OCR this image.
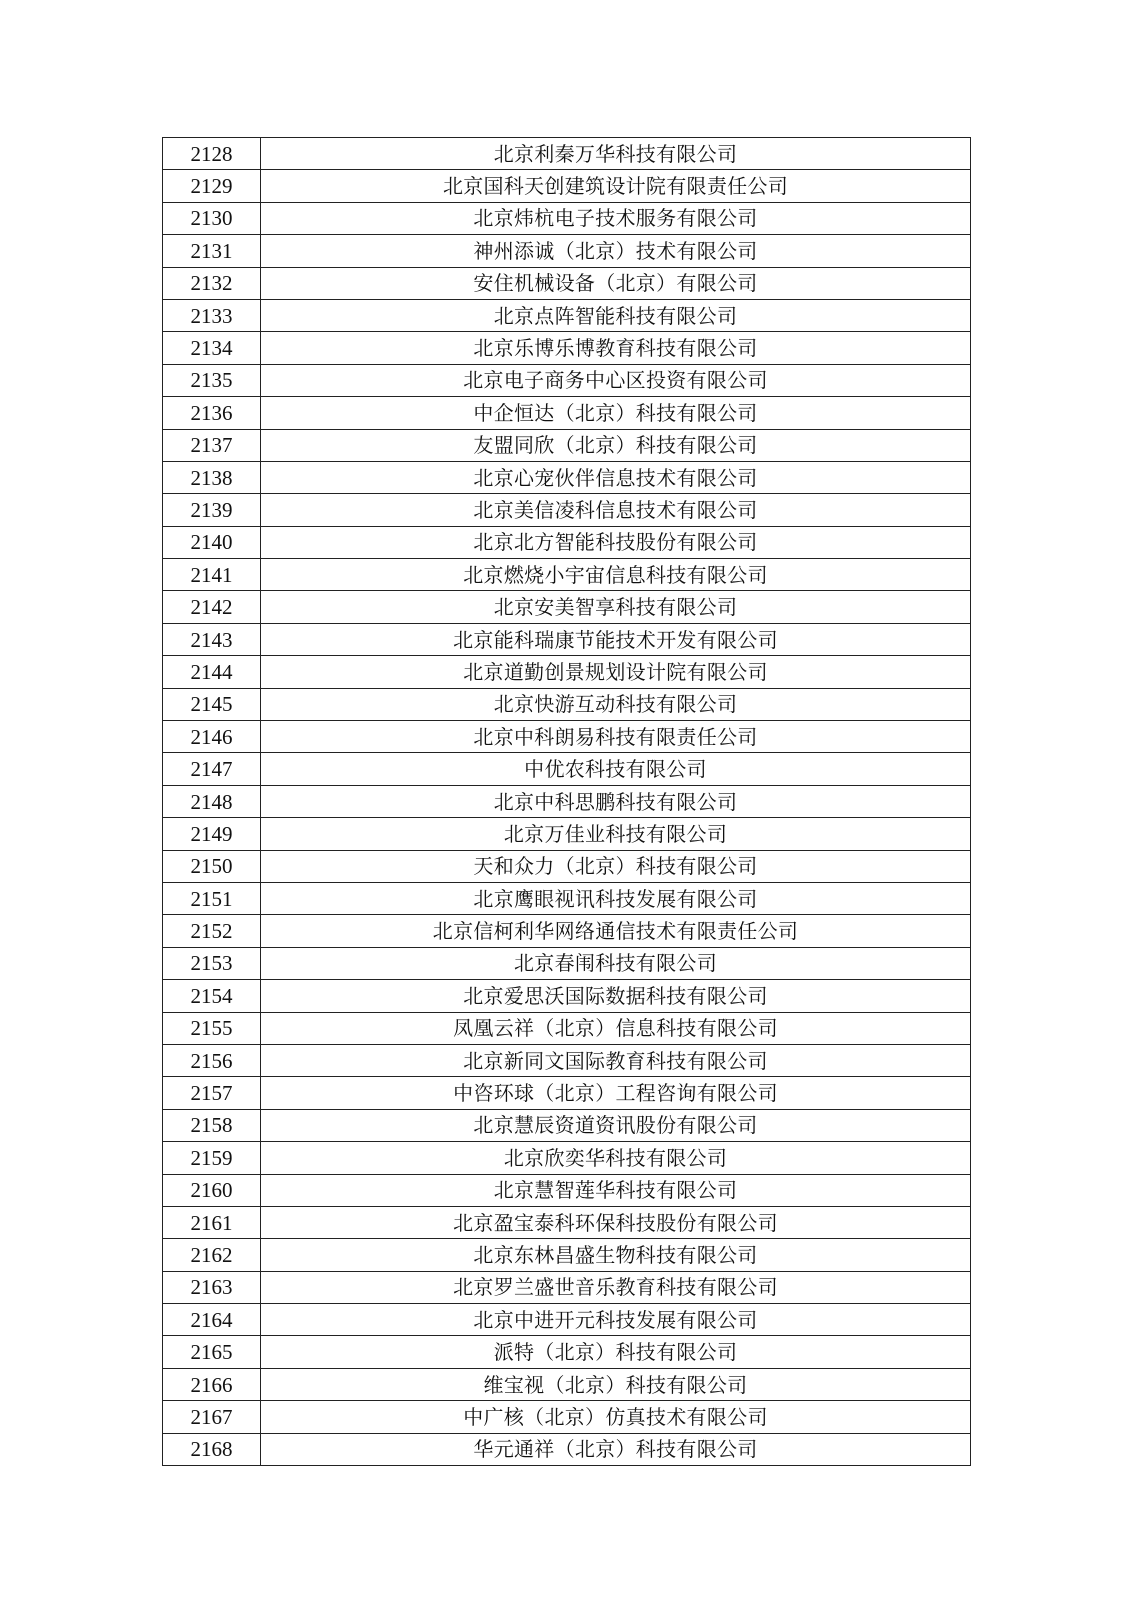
2128	北京利秦万华科技有限公司
2129	北京国科天创建筑设计院有限责任公司
2130	北京炜杭电子技术服务有限公司
2131	神州添诚（北京）技术有限公司
2132	安住机械设备（北京）有限公司
2133	北京点阵智能科技有限公司
2134	北京乐博乐博教育科技有限公司
2135	北京电子商务中心区投资有限公司
2136	中企恒达（北京）科技有限公司
2137	友盟同欣（北京）科技有限公司
2138	北京心宠伙伴信息技术有限公司
2139	北京美信凌科信息技术有限公司
2140	北京北方智能科技股份有限公司
2141	北京燃烧小宇宙信息科技有限公司
2142	北京安美智享科技有限公司
2143	北京能科瑞康节能技术开发有限公司
2144	北京道勤创景规划设计院有限公司
2145	北京快游互动科技有限公司
2146	北京中科朗易科技有限责任公司
2147	中优农科技有限公司
2148	北京中科思鹏科技有限公司
2149	北京万佳业科技有限公司
2150	天和众力（北京）科技有限公司
2151	北京鹰眼视讯科技发展有限公司
2152	北京信柯利华网络通信技术有限责任公司
2153	北京春闱科技有限公司
2154	北京爱思沃国际数据科技有限公司
2155	凤凰云祥（北京）信息科技有限公司
2156	北京新同文国际教育科技有限公司
2157	中咨环球（北京）工程咨询有限公司
2158	北京慧辰资道资讯股份有限公司
2159	北京欣奕华科技有限公司
2160	北京慧智莲华科技有限公司
2161	北京盈宝泰科环保科技股份有限公司
2162	北京东林昌盛生物科技有限公司
2163	北京罗兰盛世音乐教育科技有限公司
2164	北京中进开元科技发展有限公司
2165	派特（北京）科技有限公司
2166	维宝视（北京）科技有限公司
2167	中广核（北京）仿真技术有限公司
2168	华元通祥（北京）科技有限公司
